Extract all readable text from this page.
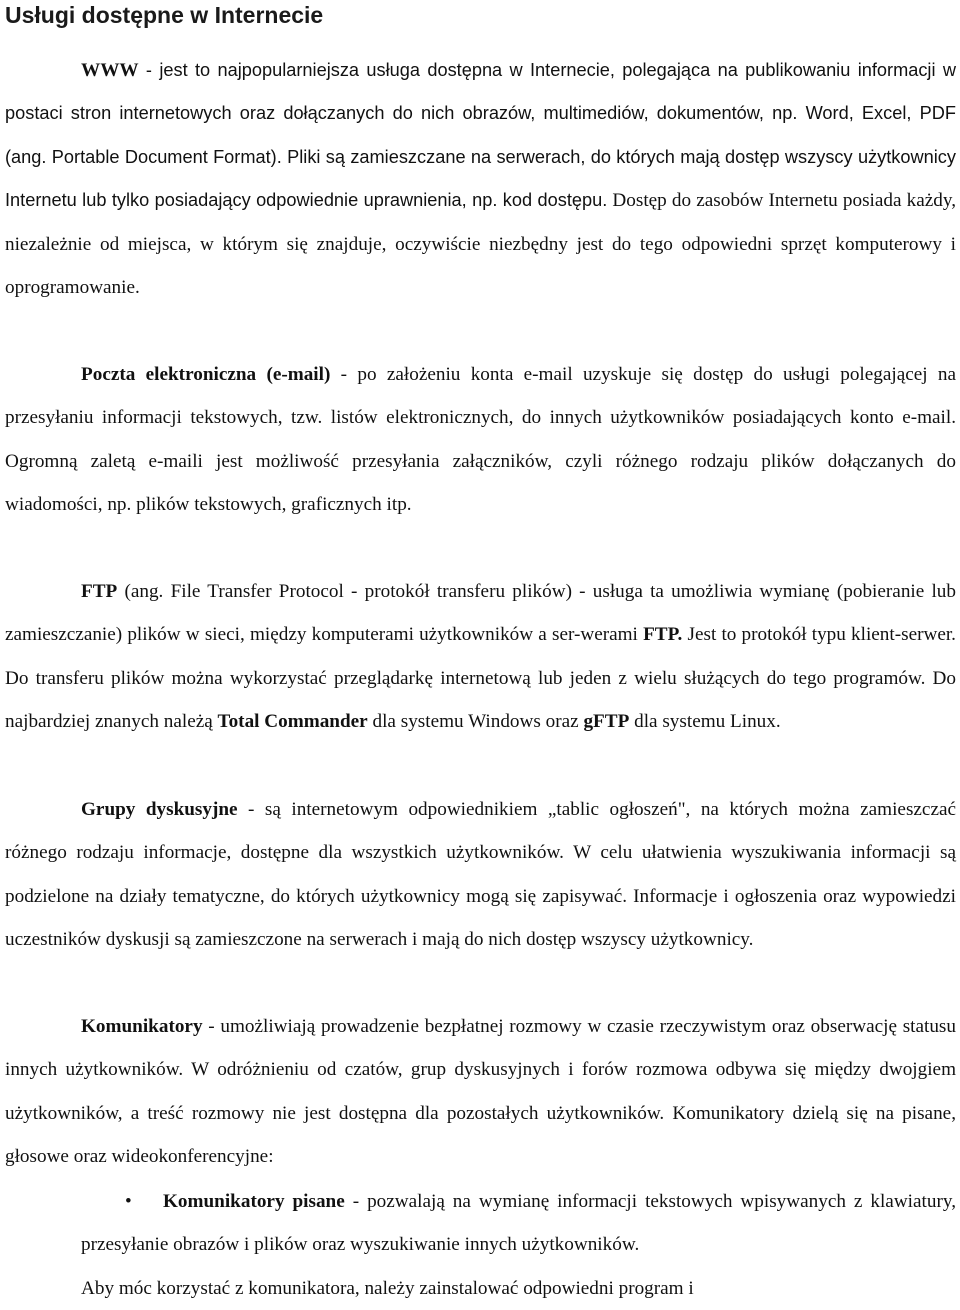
Usługi dostępne w Internecie

WWW - jest to najpopularniejsza usługa dostępna w Internecie, polegająca na publikowaniu informacji w postaci stron internetowych oraz dołączanych do nich obrazów, multimediów, dokumentów, np. Word, Excel, PDF (ang. Portable Document Format). Pliki są zamieszczane na serwerach, do których mają dostęp wszyscy użytkownicy Internetu lub tylko posiadający odpowiednie uprawnienia, np. kod dostępu. Dostęp do zasobów Internetu posiada każdy, niezależnie od miejsca, w którym się znajduje, oczywiście niezbędny jest do tego odpowiedni sprzęt komputerowy i oprogramowanie.

Poczta elektroniczna (e-mail) - po założeniu konta e-mail uzyskuje się dostęp do usługi polegającej na przesyłaniu informacji tekstowych, tzw. listów elektronicznych, do innych użytkowników posiadających konto e-mail. Ogromną zaletą e-maili jest możliwość przesyłania załączników, czyli różnego rodzaju plików dołączanych do wiadomości, np. plików tekstowych, graficznych itp.

FTP (ang. File Transfer Protocol - protokół transferu plików) - usługa ta umożliwia wymianę (pobieranie lub zamieszczanie) plików w sieci, między komputerami użytkowników a ser-werami FTP. Jest to protokół typu klient-serwer. Do transferu plików można wykorzystać przeglądarkę internetową lub jeden z wielu służących do tego programów. Do najbardziej znanych należą Total Commander dla systemu Windows oraz gFTP dla systemu Linux.

Grupy dyskusyjne - są internetowym odpowiednikiem „tablic ogłoszeń", na których można zamieszczać różnego rodzaju informacje, dostępne dla wszystkich użytkowników. W celu ułatwienia wyszukiwania informacji są podzielone na działy tematyczne, do których użytkownicy mogą się zapisywać. Informacje i ogłoszenia oraz wypowiedzi uczestników dyskusji są zamieszczone na serwerach i mają do nich dostęp wszyscy użytkownicy.

Komunikatory - umożliwiają prowadzenie bezpłatnej rozmowy w czasie rzeczywistym oraz obserwację statusu innych użytkowników. W odróżnieniu od czatów, grup dyskusyjnych i forów rozmowa odbywa się między dwojgiem użytkowników, a treść rozmowy nie jest dostępna dla pozostałych użytkowników. Komunikatory dzielą się na pisane, głosowe oraz wideokonferencyjne:

•	Komunikatory pisane - pozwalają na wymianę informacji tekstowych wpisywanych z klawiatury, przesyłanie obrazów i plików oraz wyszukiwanie innych użytkowników.

Aby móc korzystać z komunikatora, należy zainstalować odpowiedni program i
